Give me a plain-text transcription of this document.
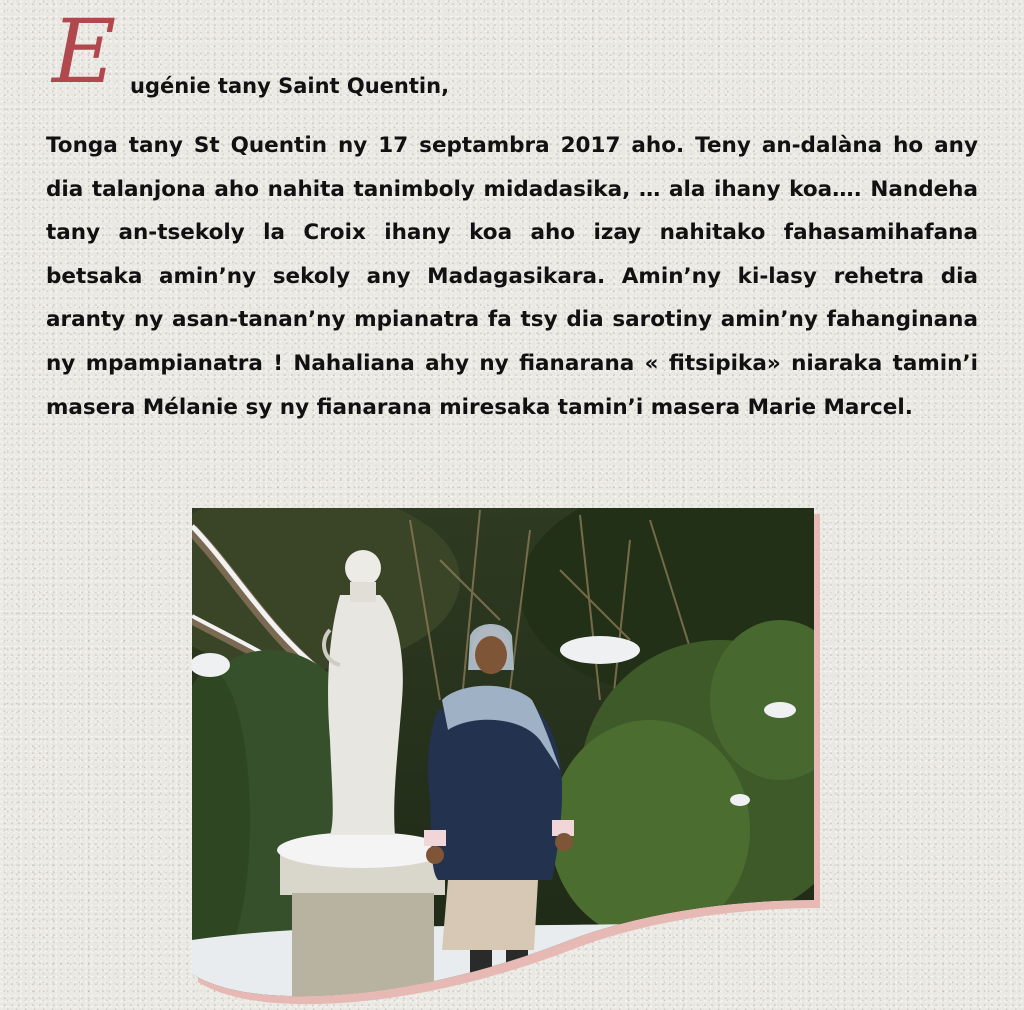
E ugénie tany Saint Quentin,

Tonga tany St Quentin ny 17 septambra 2017 aho. Teny an-dalàna ho any dia talanjona aho nahita tanimboly midadasika, … ala ihany koa…. Nandeha tany an-tsekoly la Croix ihany koa aho izay nahitako fahasamihafana betsaka amin’ny sekoly any Madagasikara. Amin’ny ki-lasy rehetra dia aranty ny asan-tanan’ny mpianatra fa tsy dia sarotiny amin’ny fahanginana ny mpampianatra ! Nahaliana ahy ny fianarana « fitsipika» niaraka tamin’i masera Mélanie sy ny fianarana miresaka tamin’i masera Marie Marcel.
